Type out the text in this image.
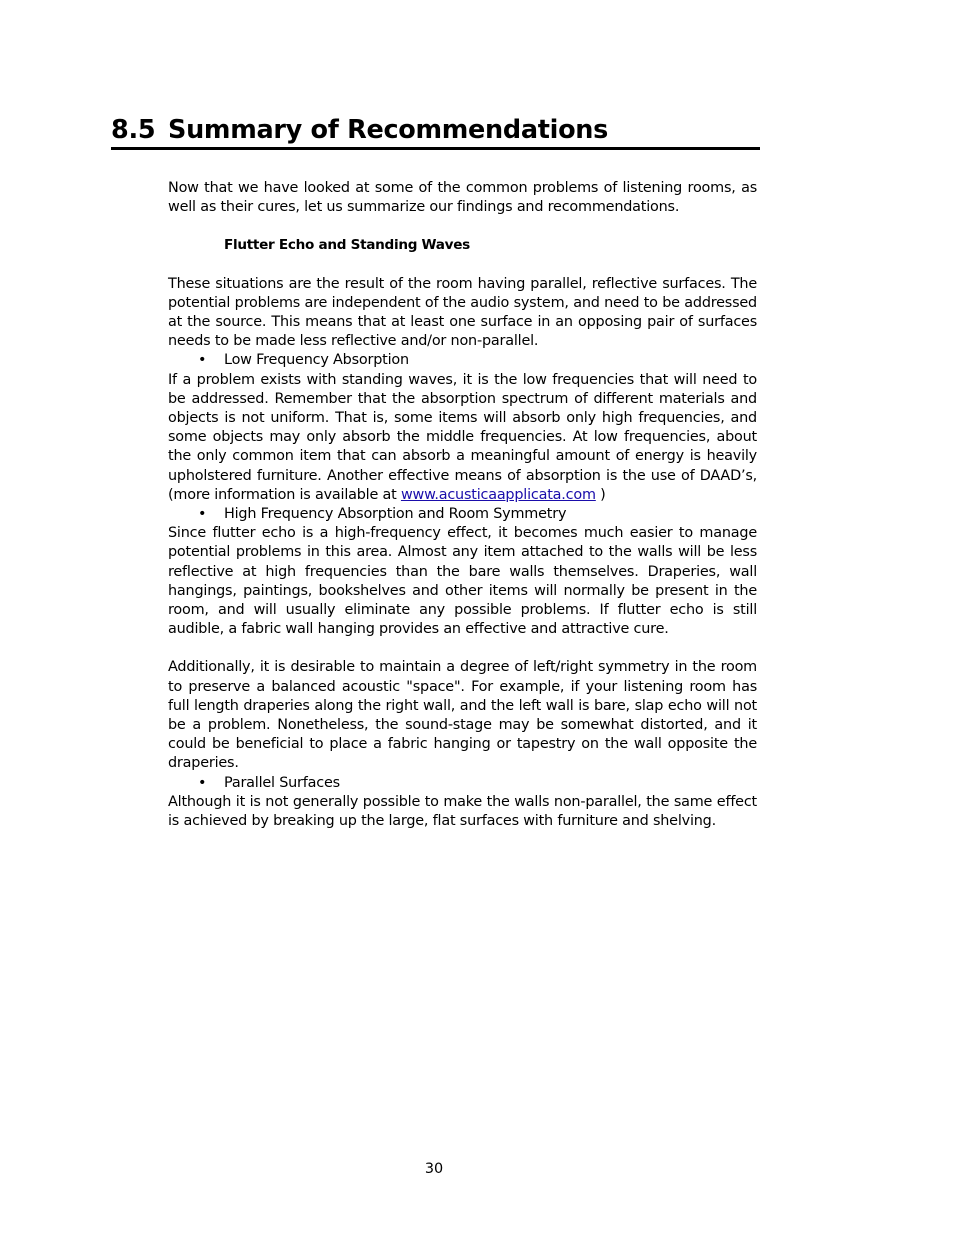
8.5 Summary of Recommendations

Now that we have looked at some of the common problems of listening rooms, as well as their cures, let us summarize our findings and recommendations.

Flutter Echo and Standing Waves

These situations are the result of the room having parallel, reflective surfaces. The potential problems are independent of the audio system, and need to be addressed at the source. This means that at least one surface in an opposing pair of surfaces needs to be made less reflective and/or non-parallel.

• Low Frequency Absorption

If a problem exists with standing waves, it is the low frequencies that will need to be addressed. Remember that the absorption spectrum of different materials and objects is not uniform. That is, some items will absorb only high frequencies, and some objects may only absorb the middle frequencies. At low frequencies, about the only common item that can absorb a meaningful amount of energy is heavily upholstered furniture. Another effective means of absorption is the use of DAAD’s, (more information is available at www.acusticaapplicata.com )

• High Frequency Absorption and Room Symmetry

Since flutter echo is a high-frequency effect, it becomes much easier to manage potential problems in this area. Almost any item attached to the walls will be less reflective at high frequencies than the bare walls themselves. Draperies, wall hangings, paintings, bookshelves and other items will normally be present in the room, and will usually eliminate any possible problems. If flutter echo is still audible, a fabric wall hanging provides an effective and attractive cure.

Additionally, it is desirable to maintain a degree of left/right symmetry in the room to preserve a balanced acoustic "space". For example, if your listening room has full length draperies along the right wall, and the left wall is bare, slap echo will not be a problem. Nonetheless, the sound-stage may be somewhat distorted, and it could be beneficial to place a fabric hanging or tapestry on the wall opposite the draperies.

• Parallel Surfaces

Although it is not generally possible to make the walls non-parallel, the same effect is achieved by breaking up the large, flat surfaces with furniture and shelving.

30
